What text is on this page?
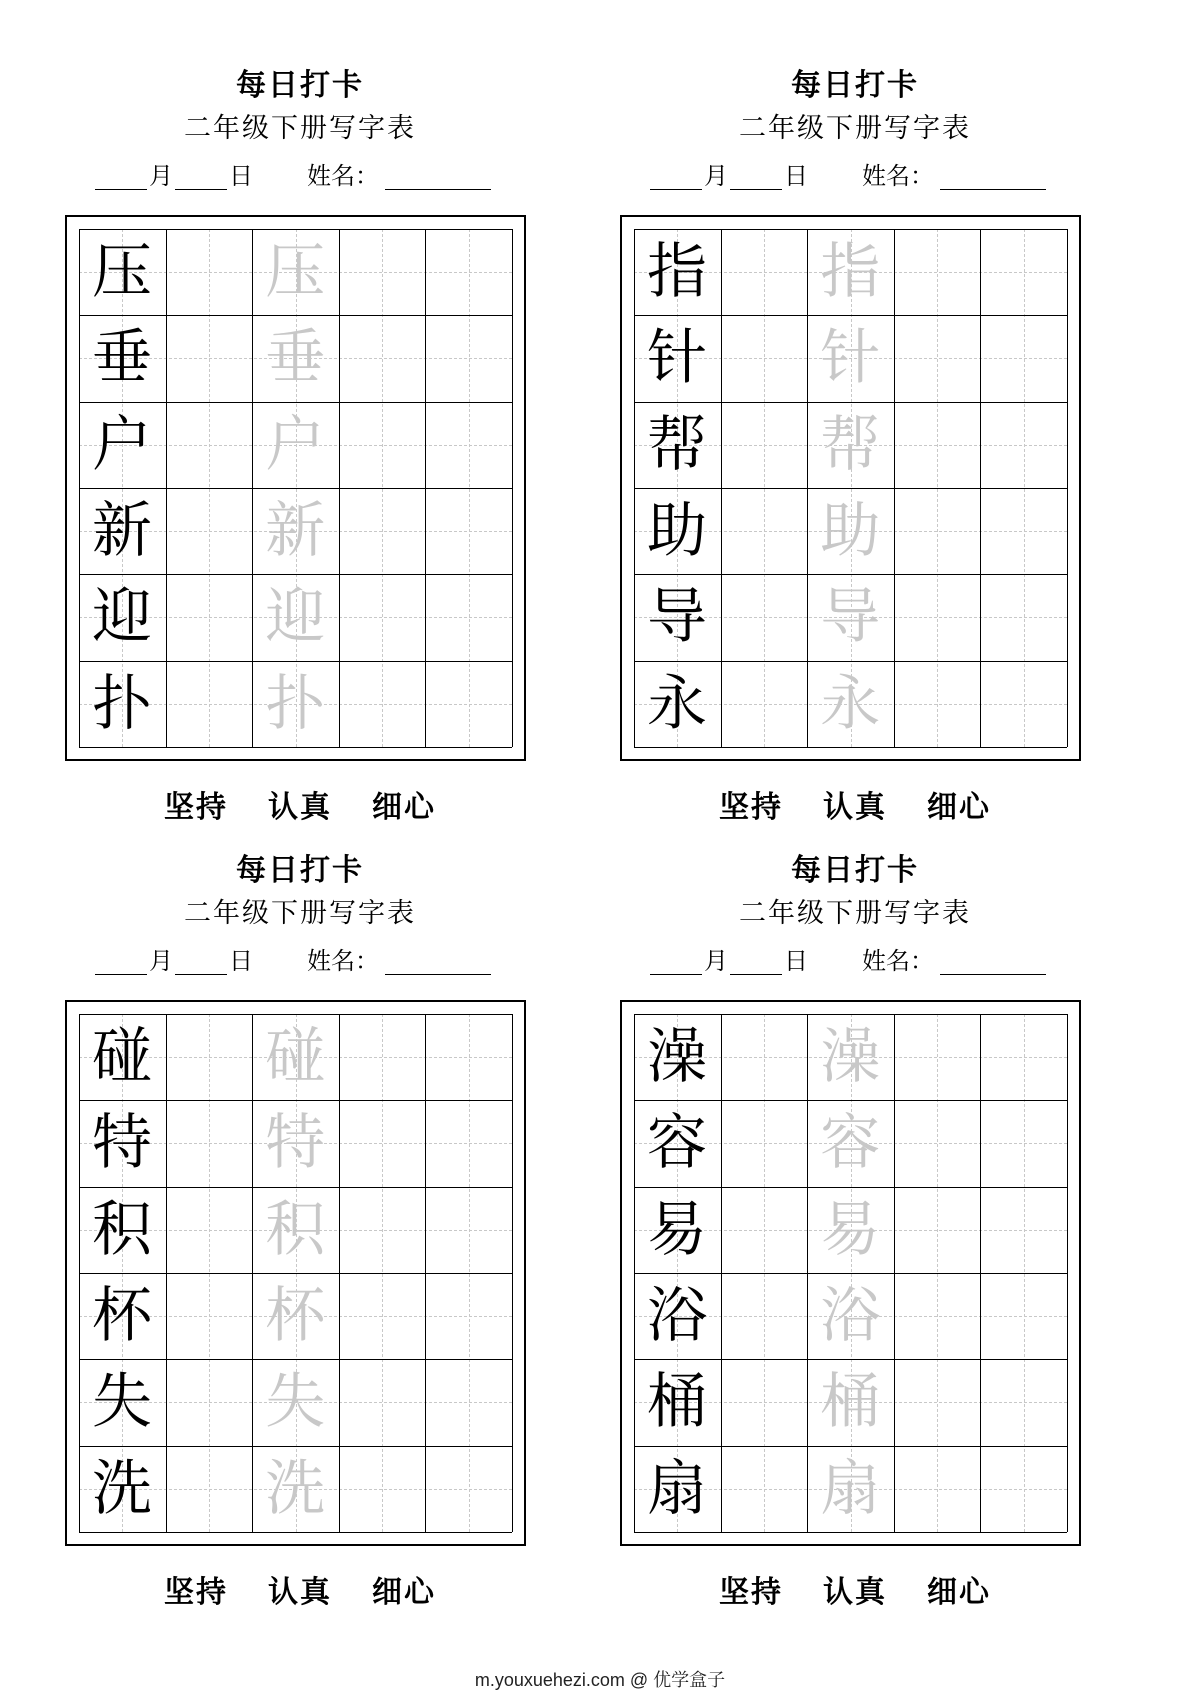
每日打卡
二年级下册写字表
月 日 姓名：
压 压
垂 垂
户 户
新 新
迎 迎
扑 扑
坚持 认真 细心
每日打卡
二年级下册写字表
月 日 姓名：
指 指
针 针
帮 帮
助 助
导 导
永 永
坚持 认真 细心
每日打卡
二年级下册写字表
月 日 姓名：
碰 碰
特 特
积 积
杯 杯
失 失
洗 洗
坚持 认真 细心
每日打卡
二年级下册写字表
月 日 姓名：
澡 澡
容 容
易 易
浴 浴
桶 桶
扇 扇
坚持 认真 细心
m.youxuehezi.com @ 优学盒子
